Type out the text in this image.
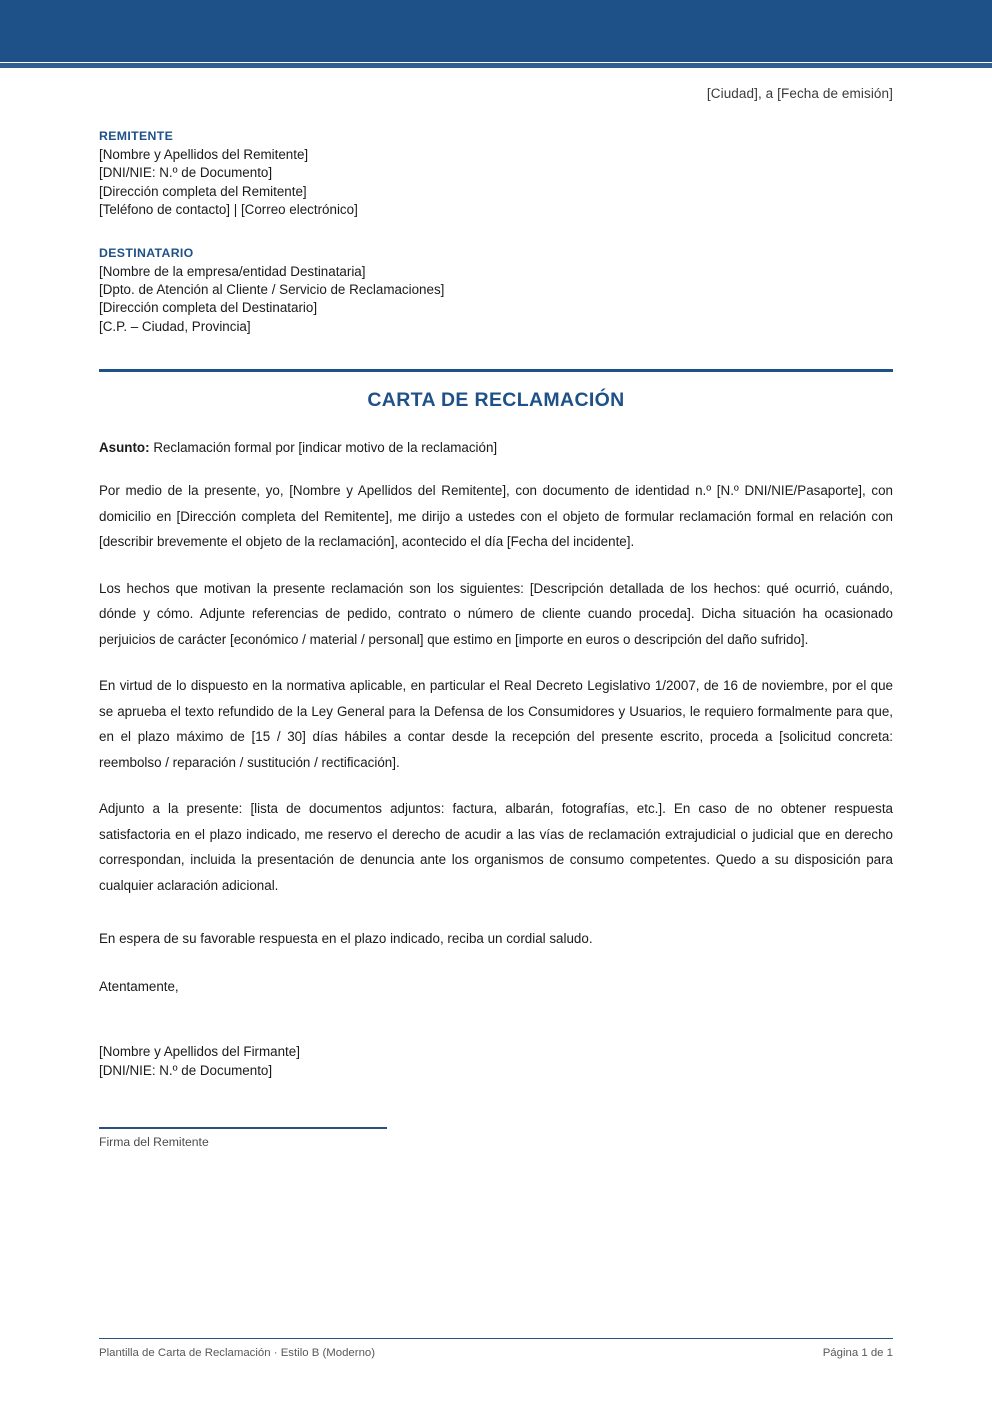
[Ciudad], a [Fecha de emisión]
REMITENTE
[Nombre y Apellidos del Remitente]
[DNI/NIE: N.º de Documento]
[Dirección completa del Remitente]
[Teléfono de contacto] | [Correo electrónico]
DESTINATARIO
[Nombre de la empresa/entidad Destinataria]
[Dpto. de Atención al Cliente / Servicio de Reclamaciones]
[Dirección completa del Destinatario]
[C.P. – Ciudad, Provincia]
CARTA DE RECLAMACIÓN
Asunto: Reclamación formal por [indicar motivo de la reclamación]
Por medio de la presente, yo, [Nombre y Apellidos del Remitente], con documento de identidad n.º [N.º DNI/NIE/Pasaporte], con domicilio en [Dirección completa del Remitente], me dirijo a ustedes con el objeto de formular reclamación formal en relación con [describir brevemente el objeto de la reclamación], acontecido el día [Fecha del incidente].
Los hechos que motivan la presente reclamación son los siguientes: [Descripción detallada de los hechos: qué ocurrió, cuándo, dónde y cómo. Adjunte referencias de pedido, contrato o número de cliente cuando proceda]. Dicha situación ha ocasionado perjuicios de carácter [económico / material / personal] que estimo en [importe en euros o descripción del daño sufrido].
En virtud de lo dispuesto en la normativa aplicable, en particular el Real Decreto Legislativo 1/2007, de 16 de noviembre, por el que se aprueba el texto refundido de la Ley General para la Defensa de los Consumidores y Usuarios, le requiero formalmente para que, en el plazo máximo de [15 / 30] días hábiles a contar desde la recepción del presente escrito, proceda a [solicitud concreta: reembolso / reparación / sustitución / rectificación].
Adjunto a la presente: [lista de documentos adjuntos: factura, albarán, fotografías, etc.]. En caso de no obtener respuesta satisfactoria en el plazo indicado, me reservo el derecho de acudir a las vías de reclamación extrajudicial o judicial que en derecho correspondan, incluida la presentación de denuncia ante los organismos de consumo competentes. Quedo a su disposición para cualquier aclaración adicional.
En espera de su favorable respuesta en el plazo indicado, reciba un cordial saludo.
Atentamente,
[Nombre y Apellidos del Firmante]
[DNI/NIE: N.º de Documento]
Firma del Remitente
Plantilla de Carta de Reclamación · Estilo B (Moderno)	Página 1 de 1
